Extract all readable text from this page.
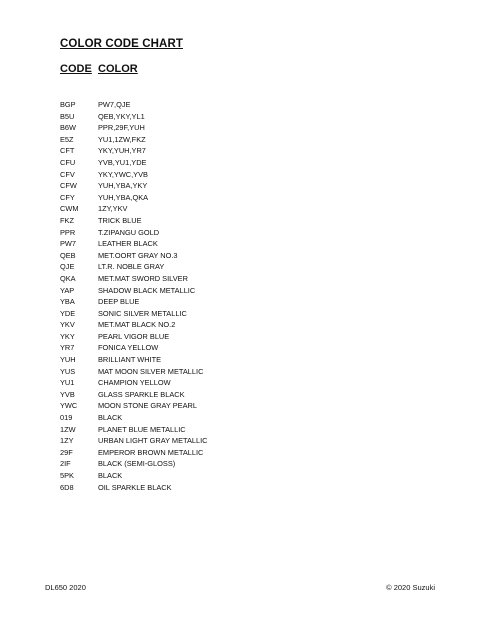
COLOR CODE CHART
CODE COLOR
BGP	PW7,QJE
B5U	QEB,YKY,YL1
B6W	PPR,29F,YUH
E5Z	YU1,1ZW,FKZ
CFT	YKY,YUH,YR7
CFU	YVB,YU1,YDE
CFV	YKY,YWC,YVB
CFW	YUH,YBA,YKY
CFY	YUH,YBA,QKA
CWM	1ZY,YKV
FKZ	TRICK BLUE
PPR	T.ZIPANGU GOLD
PW7	LEATHER BLACK
QEB	MET.OORT GRAY NO.3
QJE	LT.R. NOBLE GRAY
QKA	MET.MAT SWORD SILVER
YAP	SHADOW BLACK METALLIC
YBA	DEEP BLUE
YDE	SONIC SILVER METALLIC
YKV	MET.MAT BLACK NO.2
YKY	PEARL VIGOR BLUE
YR7	FONICA YELLOW
YUH	BRILLIANT WHITE
YUS	MAT MOON SILVER METALLIC
YU1	CHAMPION YELLOW
YVB	GLASS SPARKLE BLACK
YWC	MOON STONE GRAY PEARL
019	BLACK
1ZW	PLANET BLUE METALLIC
1ZY	URBAN LIGHT GRAY METALLIC
29F	EMPEROR BROWN METALLIC
2IF	BLACK (SEMI-GLOSS)
5PK	BLACK
6D8	OIL SPARKLE BLACK
DL650 2020	© 2020 Suzuki
